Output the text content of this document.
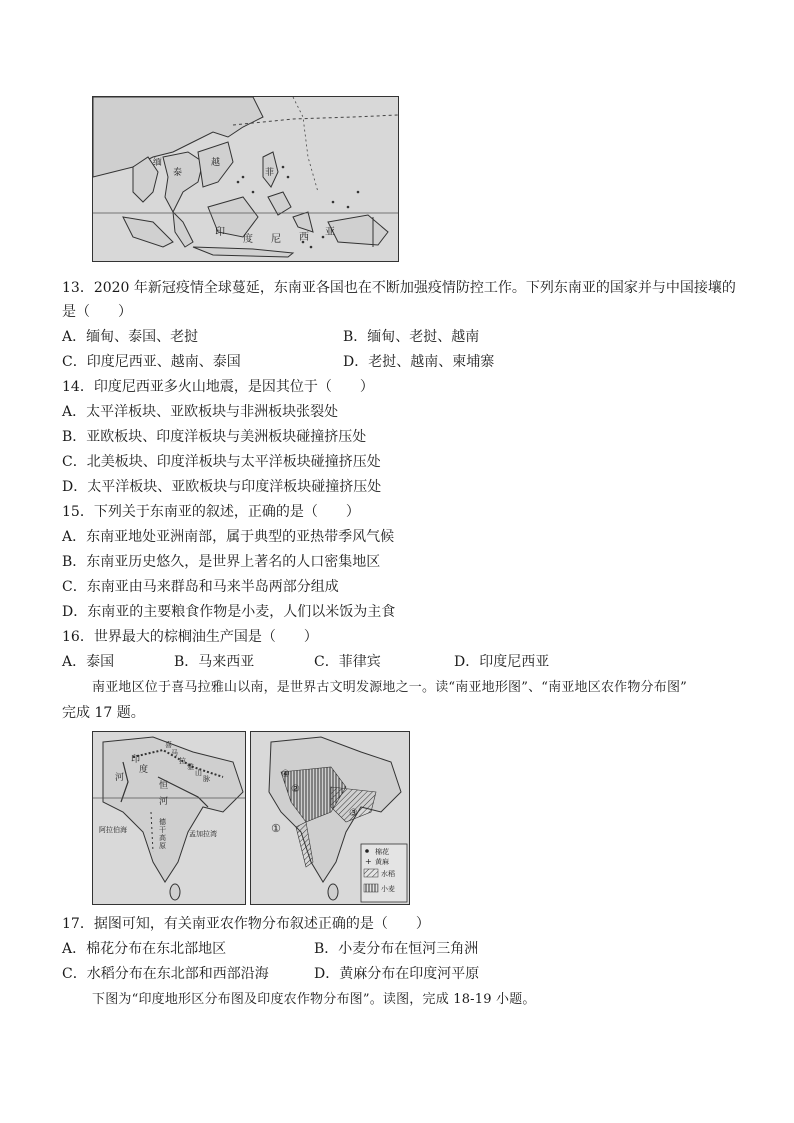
缅
泰
越
菲
印
度 尼 西 亚
13．2020 年新冠疫情全球蔓延，东南亚各国也在不断加强疫情防控工作。下列东南亚的国家并与中国接壤的
是（　　）
A．缅甸、泰国、老挝	B．缅甸、老挝、越南
C．印度尼西亚、越南、泰国	D．老挝、越南、柬埔寨
14．印度尼西亚多火山地震，是因其位于（　　）
A．太平洋板块、亚欧板块与非洲板块张裂处
B．亚欧板块、印度洋板块与美洲板块碰撞挤压处
C．北美板块、印度洋板块与太平洋板块碰撞挤压处
D．太平洋板块、亚欧板块与印度洋板块碰撞挤压处
15．下列关于东南亚的叙述，正确的是（　　）
A．东南亚地处亚洲南部，属于典型的亚热带季风气候
B．东南亚历史悠久，是世界上著名的人口密集地区
C．东南亚由马来群岛和马来半岛两部分组成
D．东南亚的主要粮食作物是小麦，人们以米饭为主食
16．世界最大的棕榈油生产国是（　　）
A．泰国	B．马来西亚	C．菲律宾	D．印度尼西亚
南亚地区位于喜马拉雅山以南，是世界古文明发源地之一。读“南亚地形图”、“南亚地区农作物分布图”
完成 17 题。
喜
马
拉
雅
山
脉
印
河
度
恒
河
阿拉伯海
德
干
高
原
孟加拉湾	①
②
③
④
棉花
+ 黄麻
水稻
小麦
17．据图可知，有关南亚农作物分布叙述正确的是（　　）
A．棉花分布在东北部地区	B．小麦分布在恒河三角洲
C．水稻分布在东北部和西部沿海	D．黄麻分布在印度河平原
下图为“印度地形区分布图及印度农作物分布图”。读图，完成 18-19 小题。
